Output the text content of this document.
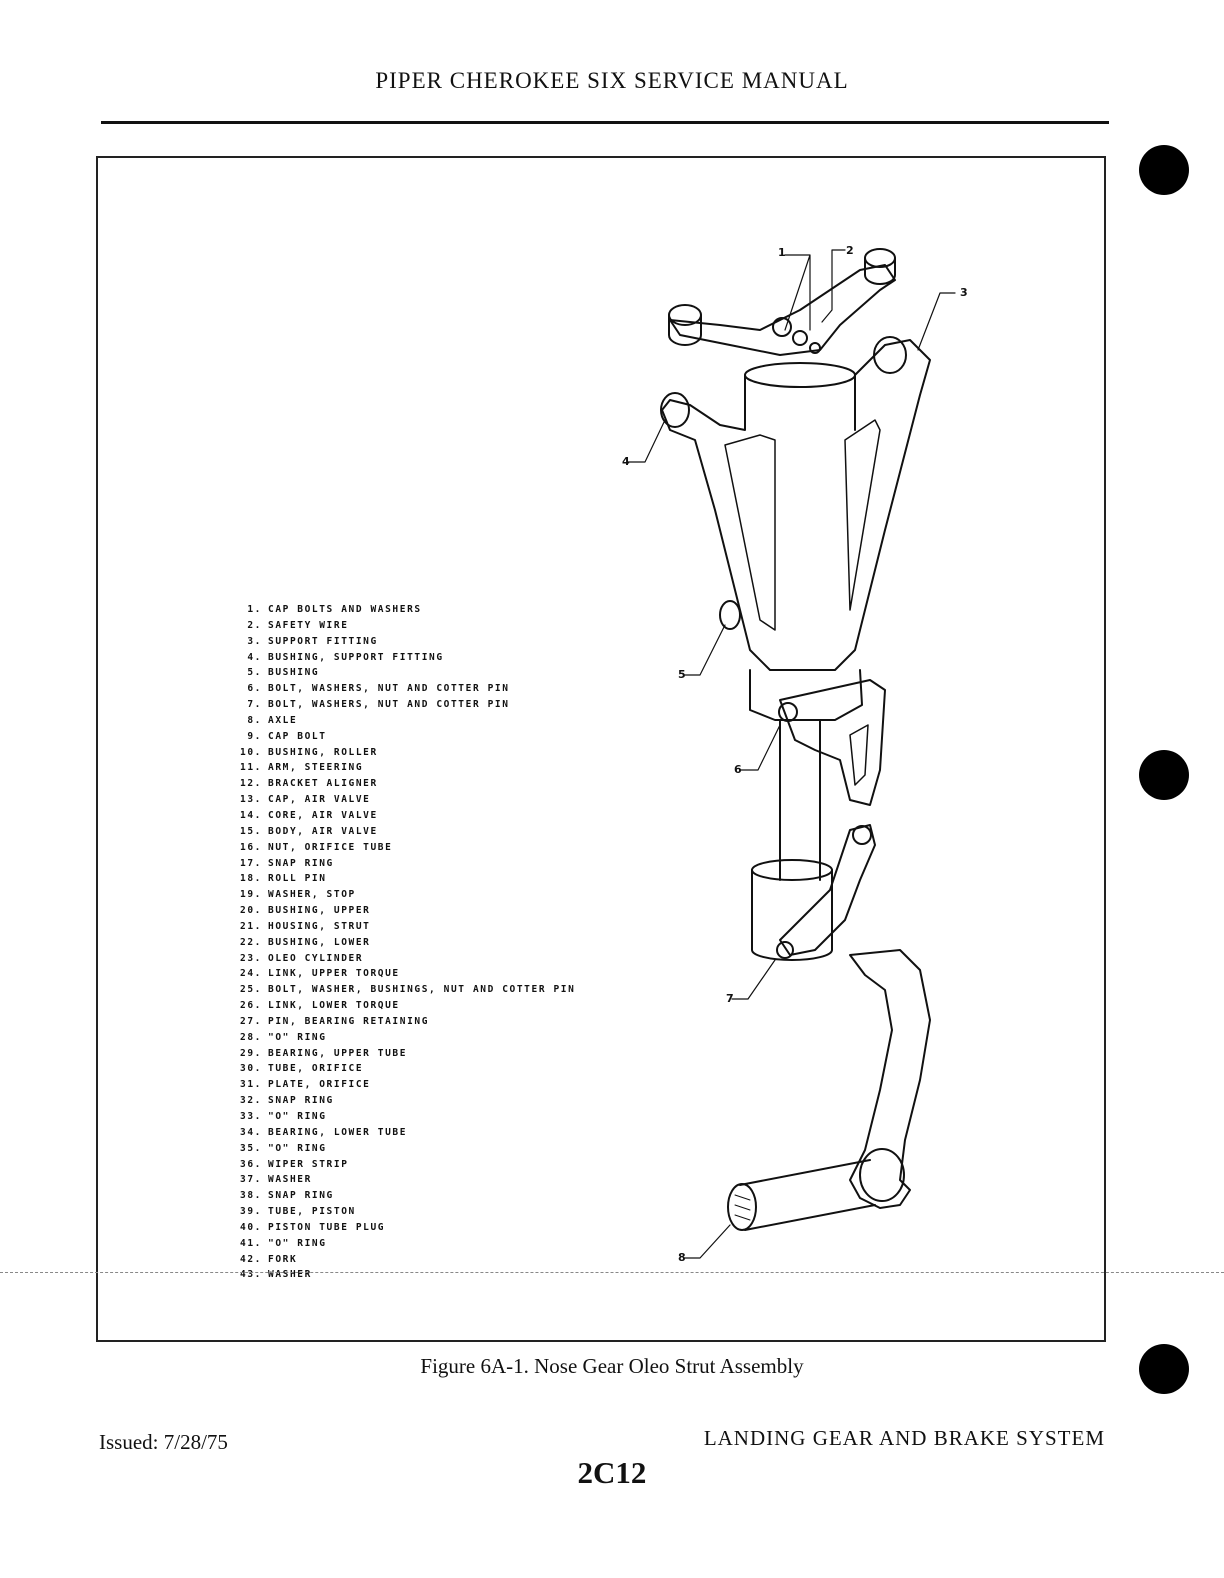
PIPER CHEROKEE SIX SERVICE MANUAL
1. CAP BOLTS AND WASHERS
2. SAFETY WIRE
3. SUPPORT FITTING
4. BUSHING, SUPPORT FITTING
5. BUSHING
6. BOLT, WASHERS, NUT AND COTTER PIN
7. BOLT, WASHERS, NUT AND COTTER PIN
8. AXLE
9. CAP BOLT
10. BUSHING, ROLLER
11. ARM, STEERING
12. BRACKET ALIGNER
13. CAP, AIR VALVE
14. CORE, AIR VALVE
15. BODY, AIR VALVE
16. NUT, ORIFICE TUBE
17. SNAP RING
18. ROLL PIN
19. WASHER, STOP
20. BUSHING, UPPER
21. HOUSING, STRUT
22. BUSHING, LOWER
23. OLEO CYLINDER
24. LINK, UPPER TORQUE
25. BOLT, WASHER, BUSHINGS, NUT AND COTTER PIN
26. LINK, LOWER TORQUE
27. PIN, BEARING RETAINING
28. "O" RING
29. BEARING, UPPER TUBE
30. TUBE, ORIFICE
31. PLATE, ORIFICE
32. SNAP RING
33. "O" RING
34. BEARING, LOWER TUBE
35. "O" RING
36. WIPER STRIP
37. WASHER
38. SNAP RING
39. TUBE, PISTON
40. PISTON TUBE PLUG
41. "O" RING
42. FORK
43. WASHER
1	2
3
4
5
6
7
8
Figure 6A-1. Nose Gear Oleo Strut Assembly
Issued: 7/28/75	LANDING GEAR AND BRAKE SYSTEM
2C12
